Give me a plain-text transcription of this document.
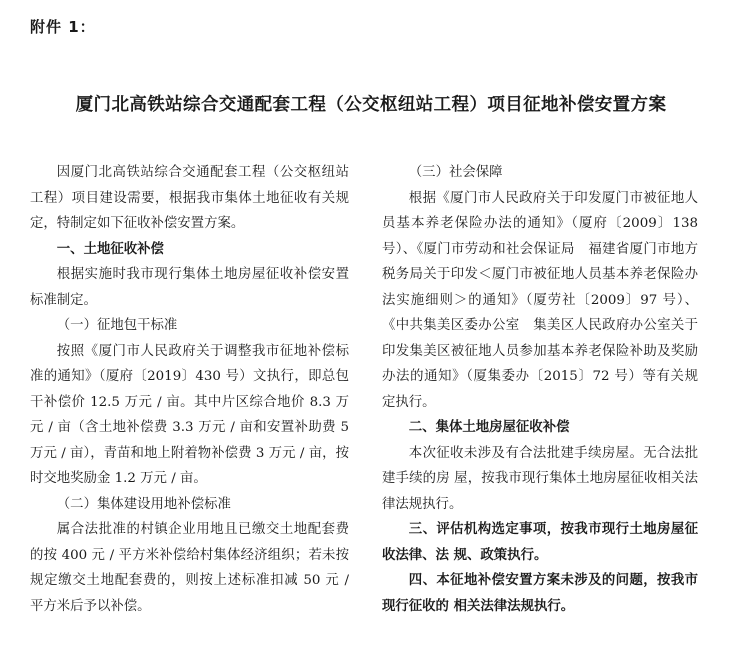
附件 1：
厦门北高铁站综合交通配套工程（公交枢纽站工程）项目征地补偿安置方案

因厦门北高铁站综合交通配套工程（公交枢纽站工程）项目建设需要，根据我市集体土地征收有关规定，特制定如下征收补偿安置方案。

一、土地征收补偿

根据实施时我市现行集体土地房屋征收补偿安置标准制定。

（一）征地包干标准

按照《厦门市人民政府关于调整我市征地补偿标准的通知》（厦府〔2019〕430 号）文执行，即总包干补偿价 12.5 万元 / 亩。其中片区综合地价 8.3 万元 / 亩（含土地补偿费 3.3 万元 / 亩和安置补助费 5 万元 / 亩），青苗和地上附着物补偿费 3 万元 / 亩，按时交地奖励金 1.2 万元 / 亩。

（二）集体建设用地补偿标准

属合法批准的村镇企业用地且已缴交土地配套费的按 400 元 / 平方米补偿给村集体经济组织；若未按规定缴交土地配套费的，则按上述标准扣减 50 元 / 平方米后予以补偿。

（三）社会保障

根据《厦门市人民政府关于印发厦门市被征地人员基本养老保险办法的通知》（厦府〔2009〕138 号）、《厦门市劳动和社会保证局　福建省厦门市地方税务局关于印发＜厦门市被征地人员基本养老保险办法实施细则＞的通知》（厦劳社〔2009〕97 号）、《中共集美区委办公室　集美区人民政府办公室关于印发集美区被征地人员参加基本养老保险补助及奖励办法的通知》（厦集委办〔2015〕72 号）等有关规定执行。

二、集体土地房屋征收补偿

本次征收未涉及有合法批建手续房屋。无合法批建手续的房 屋，按我市现行集体土地房屋征收相关法律法规执行。

三、评估机构选定事项，按我市现行土地房屋征收法律、法 规、政策执行。

四、本征地补偿安置方案未涉及的问题，按我市现行征收的 相关法律法规执行。
